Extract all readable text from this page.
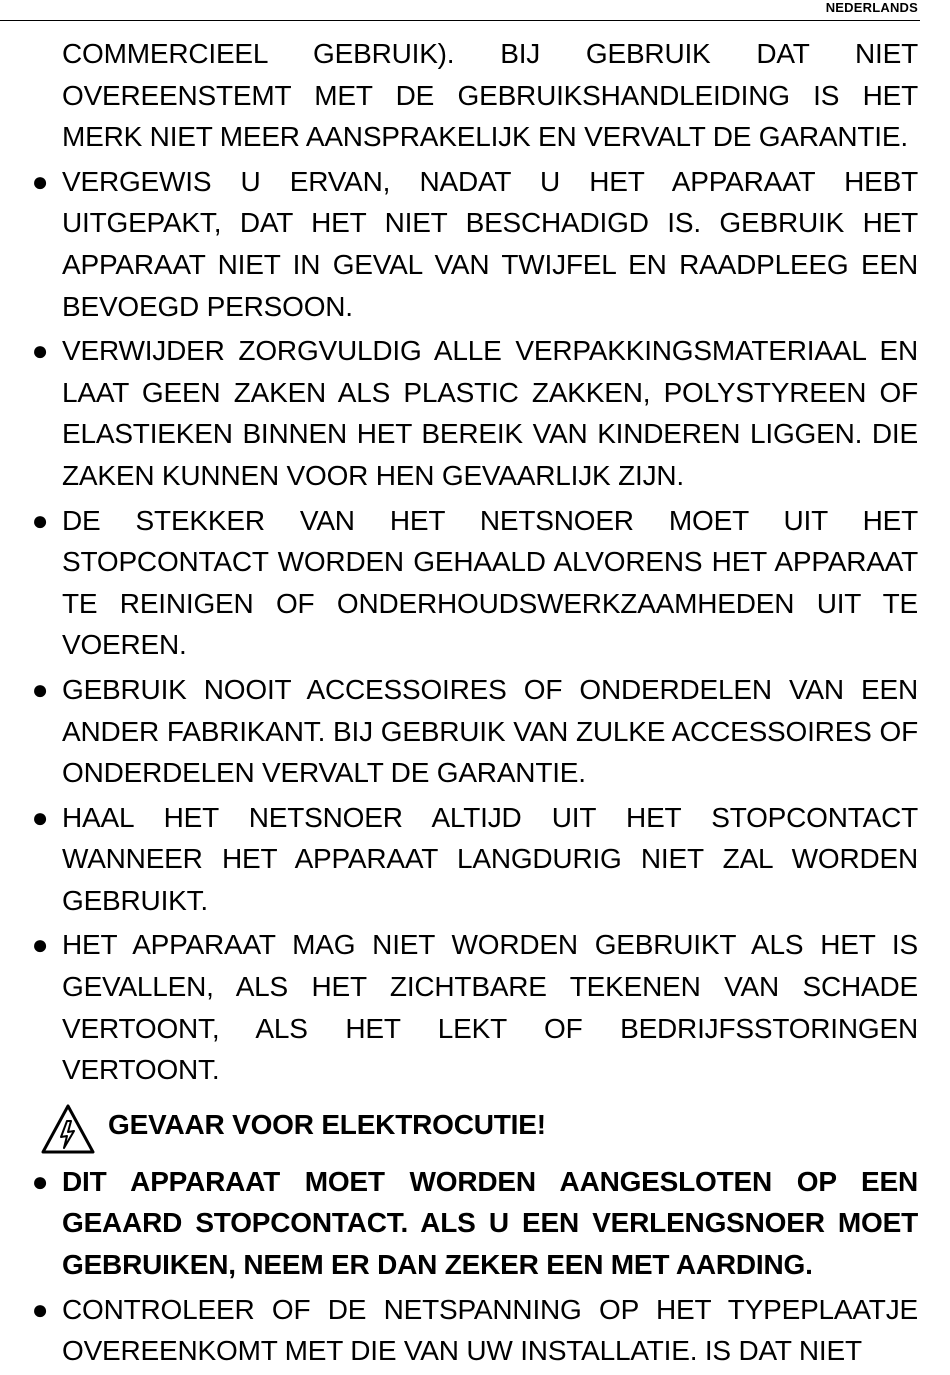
NEDERLANDS
COMMERCIEEL GEBRUIK). BIJ GEBRUIK DAT NIET OVEREENSTEMT MET DE GEBRUIKSHANDLEIDING IS HET MERK NIET MEER AANSPRAKELIJK EN VERVALT DE GARANTIE.
● VERGEWIS U ERVAN, NADAT U HET APPARAAT HEBT UITGEPAKT, DAT HET NIET BESCHADIGD IS. GEBRUIK HET APPARAAT NIET IN GEVAL VAN TWIJFEL EN RAADPLEEG EEN BEVOEGD PERSOON.
● VERWIJDER ZORGVULDIG ALLE VERPAKKINGSMATERIAAL EN LAAT GEEN ZAKEN ALS PLASTIC ZAKKEN, POLYSTYREEN OF ELASTIEKEN BINNEN HET BEREIK VAN KINDEREN LIGGEN. DIE ZAKEN KUNNEN VOOR HEN GEVAARLIJK ZIJN.
● DE STEKKER VAN HET NETSNOER MOET UIT HET STOPCONTACT WORDEN GEHAALD ALVORENS HET APPARAAT TE REINIGEN OF ONDERHOUDSWERKZAAMHEDEN UIT TE VOEREN.
● GEBRUIK NOOIT ACCESSOIRES OF ONDERDELEN VAN EEN ANDER FABRIKANT. BIJ GEBRUIK VAN ZULKE ACCESSOIRES OF ONDERDELEN VERVALT DE GARANTIE.
● HAAL HET NETSNOER ALTIJD UIT HET STOPCONTACT WANNEER HET APPARAAT LANGDURIG NIET ZAL WORDEN GEBRUIKT.
● HET APPARAAT MAG NIET WORDEN GEBRUIKT ALS HET IS GEVALLEN, ALS HET ZICHTBARE TEKENEN VAN SCHADE VERTOONT, ALS HET LEKT OF BEDRIJFSSTORINGEN VERTOONT.
GEVAAR VOOR ELEKTROCUTIE!
● DIT APPARAAT MOET WORDEN AANGESLOTEN OP EEN GEAARD STOPCONTACT. ALS U EEN VERLENGSNOER MOET GEBRUIKEN, NEEM ER DAN ZEKER EEN MET AARDING.
● CONTROLEER OF DE NETSPANNING OP HET TYPEPLAATJE OVEREENKOMT MET DIE VAN UW INSTALLATIE. IS DAT NIET
